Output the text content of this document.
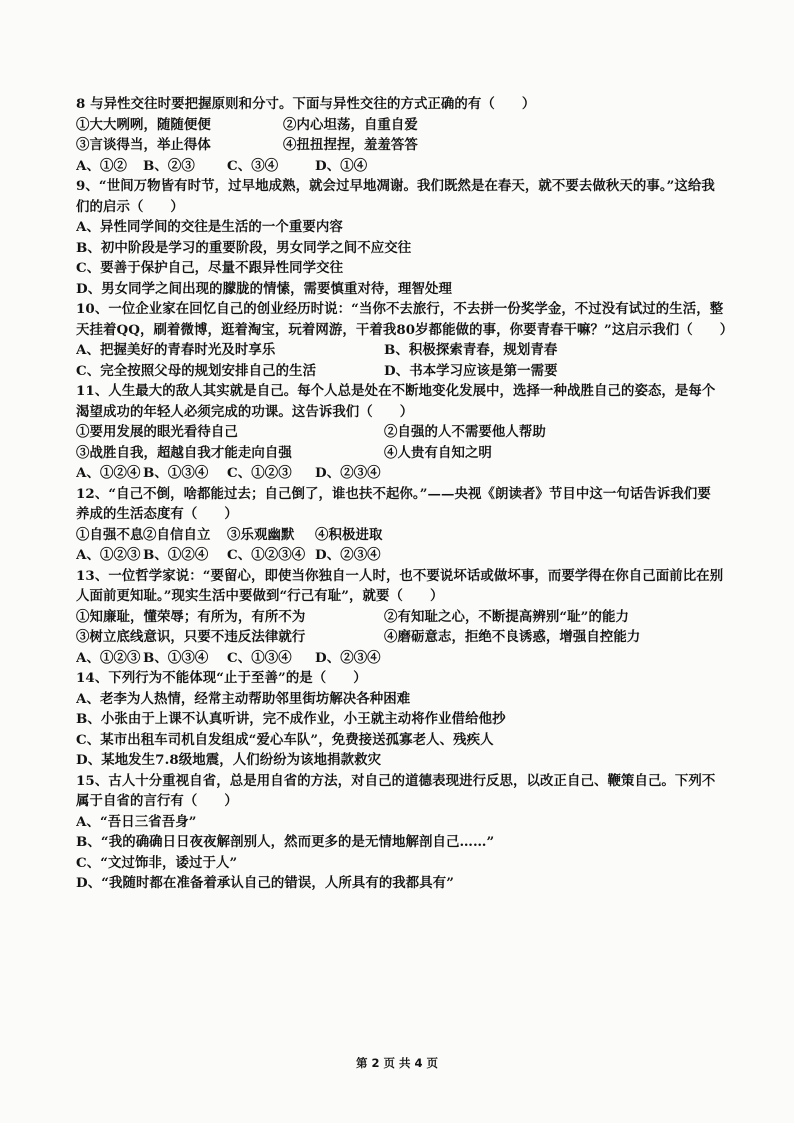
8 与异性交往时要把握原则和分寸。下面与异性交往的方式正确的有（　　）
①大大咧咧，随随便便	②内心坦荡，自重自爱
③言谈得当，举止得体	④扭扭捏捏，羞羞答答
A、①②	B、②③	C、③④	D、①④
9、“世间万物皆有时节，过早地成熟，就会过早地凋谢。我们既然是在春天，就不要去做秋天的事。”这给我
们的启示（　　）
A、异性同学间的交往是生活的一个重要内容
B、初中阶段是学习的重要阶段，男女同学之间不应交往
C、要善于保护自己，尽量不跟异性同学交往
D、男女同学之间出现的朦胧的情愫，需要慎重对待，理智处理
10、一位企业家在回忆自己的创业经历时说：“当你不去旅行，不去拼一份奖学金，不过没有试过的生活，整
天挂着QQ，刷着微博，逛着淘宝，玩着网游，干着我80岁都能做的事，你要青春干嘛？”这启示我们（　　）
A、把握美好的青春时光及时享乐	B、积极探索青春，规划青春
C、完全按照父母的规划安排自己的生活	D、书本学习应该是第一需要
11、人生最大的敌人其实就是自己。每个人总是处在不断地变化发展中，选择一种战胜自己的姿态，是每个
渴望成功的年轻人必须完成的功课。这告诉我们（　　）
①要用发展的眼光看待自己	②自强的人不需要他人帮助
③战胜自我，超越自我才能走向自强	④人贵有自知之明
A、①②④ B、①③④	C、①②③	D、②③④
12、“自己不倒，啥都能过去；自己倒了，谁也扶不起你。”——央视《朗读者》节目中这一句话告诉我们要
养成的生活态度有（　　）
①自强不息 ②自信自立	③乐观幽默	④积极进取
A、①②③ B、①②④	C、①②③④ D、②③④
13、一位哲学家说：“要留心，即使当你独自一人时，也不要说坏话或做坏事，而要学得在你自己面前比在别
人面前更知耻。”现实生活中要做到“行己有耻”，就要（　　）
①知廉耻，懂荣辱；有所为，有所不为	②有知耻之心，不断提高辨别“耻”的能力
③树立底线意识，只要不违反法律就行	④磨砺意志，拒绝不良诱惑，增强自控能力
A、①②③ B、①③④	C、①③④	D、②③④
14、下列行为不能体现“止于至善”的是（　　）
A、老李为人热情，经常主动帮助邻里街坊解决各种困难
B、小张由于上课不认真听讲，完不成作业，小王就主动将作业借给他抄
C、某市出租车司机自发组成“爱心车队”，免费接送孤寡老人、残疾人
D、某地发生7.8级地震，人们纷纷为该地捐款救灾
15、古人十分重视自省，总是用自省的方法，对自己的道德表现进行反思，以改正自己、鞭策自己。下列不
属于自省的言行有（　　）
A、“吾日三省吾身”
B、“我的确确日日夜夜解剖别人，然而更多的是无情地解剖自己……”
C、“文过饰非，诿过于人”
D、“我随时都在准备着承认自己的错误，人所具有的我都具有”
第 2 页 共 4 页
